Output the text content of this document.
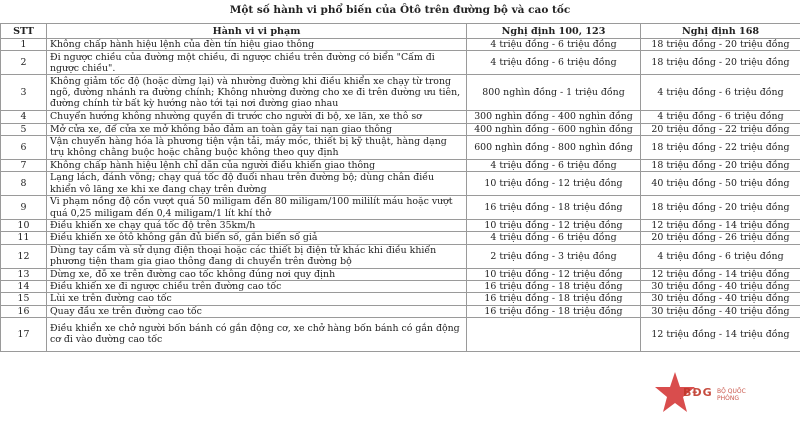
Một số hành vi phổ biến của Ôtô trên đường bộ và cao tốc
STT	Hành vi vi phạm	Nghị định 100, 123	Nghị định 168
1	Không chấp hành hiệu lệnh của đèn tín hiệu giao thông	4 triệu đồng - 6 triệu đồng	18 triệu đồng - 20 triệu đồng
2	Đi ngược chiều của đường một chiều, đi ngược chiều trên đường có biển "Cấm đi ngược chiều".	4 triệu đồng - 6 triệu đồng	18 triệu đồng - 20 triệu đồng
3	Không giảm tốc độ (hoặc dừng lại) và nhường đường khi điều khiển xe chạy từ trong ngõ, đường nhánh ra đường chính; Không nhường đường cho xe đi trên đường ưu tiên, đường chính từ bất kỳ hướng nào tới tại nơi đường giao nhau	800 nghìn đồng - 1 triệu đồng	4 triệu đồng - 6 triệu đồng
4	Chuyển hướng không nhường quyền đi trước cho người đi bộ, xe lăn, xe thô sơ	300 nghìn đồng - 400 nghìn đồng	4 triệu đồng - 6 triệu đồng
5	Mở cửa xe, để cửa xe mở không bảo đảm an toàn gây tai nạn giao thông	400 nghìn đồng - 600 nghìn đồng	20 triệu đồng - 22 triệu đồng
6	Vận chuyển hàng hóa là phương tiện vận tải, máy móc, thiết bị kỹ thuật, hàng dạng trụ không chằng buộc hoặc chằng buộc không theo quy định	600 nghìn đồng - 800 nghìn đồng	18 triệu đồng - 22 triệu đồng
7	Không chấp hành hiệu lệnh chỉ dẫn của người điều khiển giao thông	4 triệu đồng - 6 triệu đồng	18 triệu đồng - 20 triệu đồng
8	Lạng lách, đánh võng; chạy quá tốc độ đuổi nhau trên đường bộ; dùng chân điều khiển vô lăng xe khi xe đang chạy trên đường	10 triệu đồng - 12 triệu đồng	40 triệu đồng - 50 triệu đồng
9	Vi phạm nồng độ cồn vượt quá 50 miligam đến 80 miligam/100 mililít máu hoặc vượt quá 0,25 miligam đến 0,4 miligam/1 lít khí thở	16 triệu đồng - 18 triệu đồng	18 triệu đồng - 20 triệu đồng
10	Điều khiển xe chạy quá tốc độ trên 35km/h	10 triệu đồng - 12 triệu đồng	12 triệu đồng - 14 triệu đồng
11	Điều khiển xe ôtô không gắn đủ biển số, gắn biển số giả	4 triệu đồng - 6 triệu đồng	20 triệu đồng - 26 triệu đồng
12	Dùng tay cầm và sử dụng điện thoại hoặc các thiết bị điện tử khác khi điều khiển phương tiện tham gia giao thông đang di chuyển trên đường bộ	2 triệu đồng - 3 triệu đồng	4 triệu đồng - 6 triệu đồng
13	Dừng xe, đỗ xe trên đường cao tốc không đúng nơi quy định	10 triệu đồng - 12 triệu đồng	12 triệu đồng - 14 triệu đồng
14	Điều khiển xe đi ngược chiều trên đường cao tốc	16 triệu đồng - 18 triệu đồng	30 triệu đồng - 40 triệu đồng
15	Lùi xe trên đường cao tốc	16 triệu đồng - 18 triệu đồng	30 triệu đồng - 40 triệu đồng
16	Quay đầu xe trên đường cao tốc	16 triệu đồng - 18 triệu đồng	30 triệu đồng - 40 triệu đồng
17	Điều khiển xe chở người bốn bánh có gắn động cơ, xe chở hàng bốn bánh có gắn động cơ đi vào đường cao tốc		12 triệu đồng - 14 triệu đồng
BĐG BỘ QUỐC PHÒNG
